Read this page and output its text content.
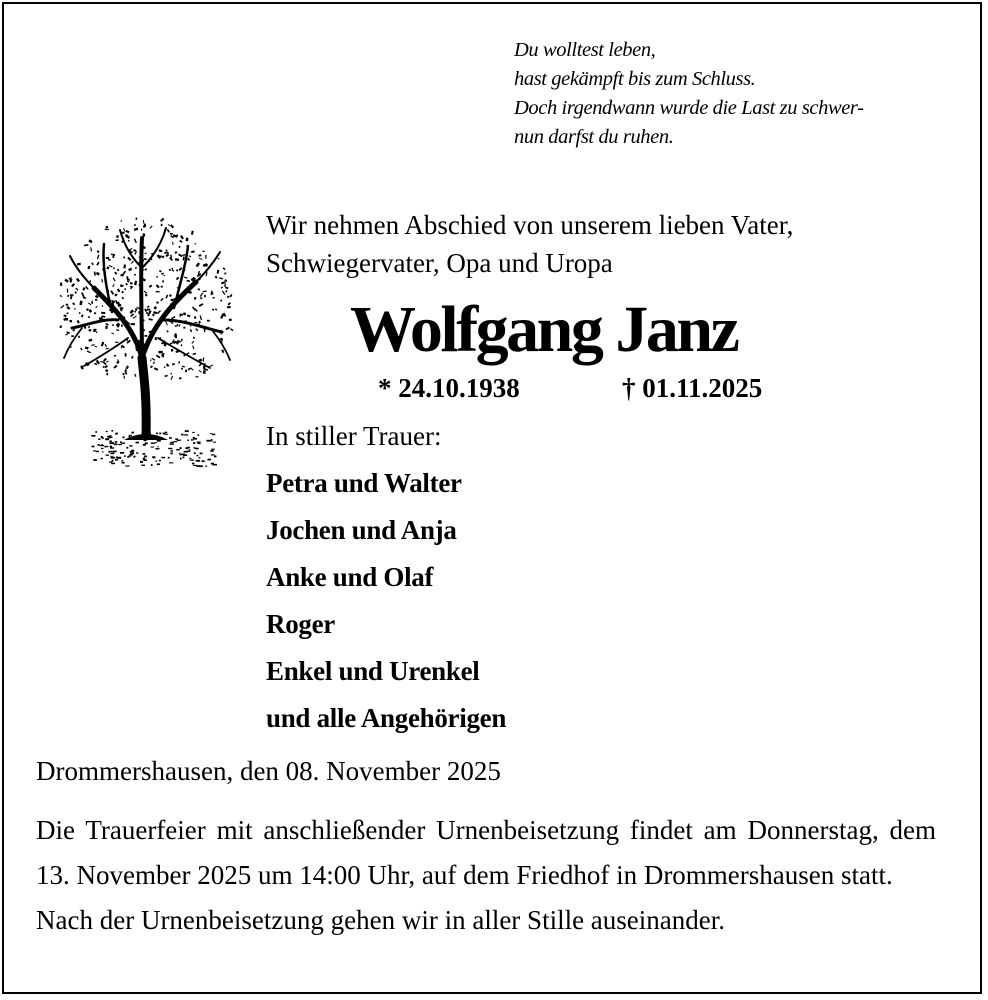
Du wolltest leben,
hast gekämpft bis zum Schluss.
Doch irgendwann wurde die Last zu schwer-
nun darfst du ruhen.
Wir nehmen Abschied von unserem lieben Vater,
Schwiegervater, Opa und Uropa
Wolfgang Janz
* 24.10.1938	† 01.11.2025
In stiller Trauer:
Petra und Walter
Jochen und Anja
Anke und Olaf
Roger
Enkel und Urenkel
und alle Angehörigen
Drommershausen, den 08. November 2025
Die Trauerfeier mit anschließender Urnenbeisetzung findet am Donnerstag, dem 13. November 2025 um 14:00 Uhr, auf dem Friedhof in Drommershausen statt.
Nach der Urnenbeisetzung gehen wir in aller Stille auseinander.
